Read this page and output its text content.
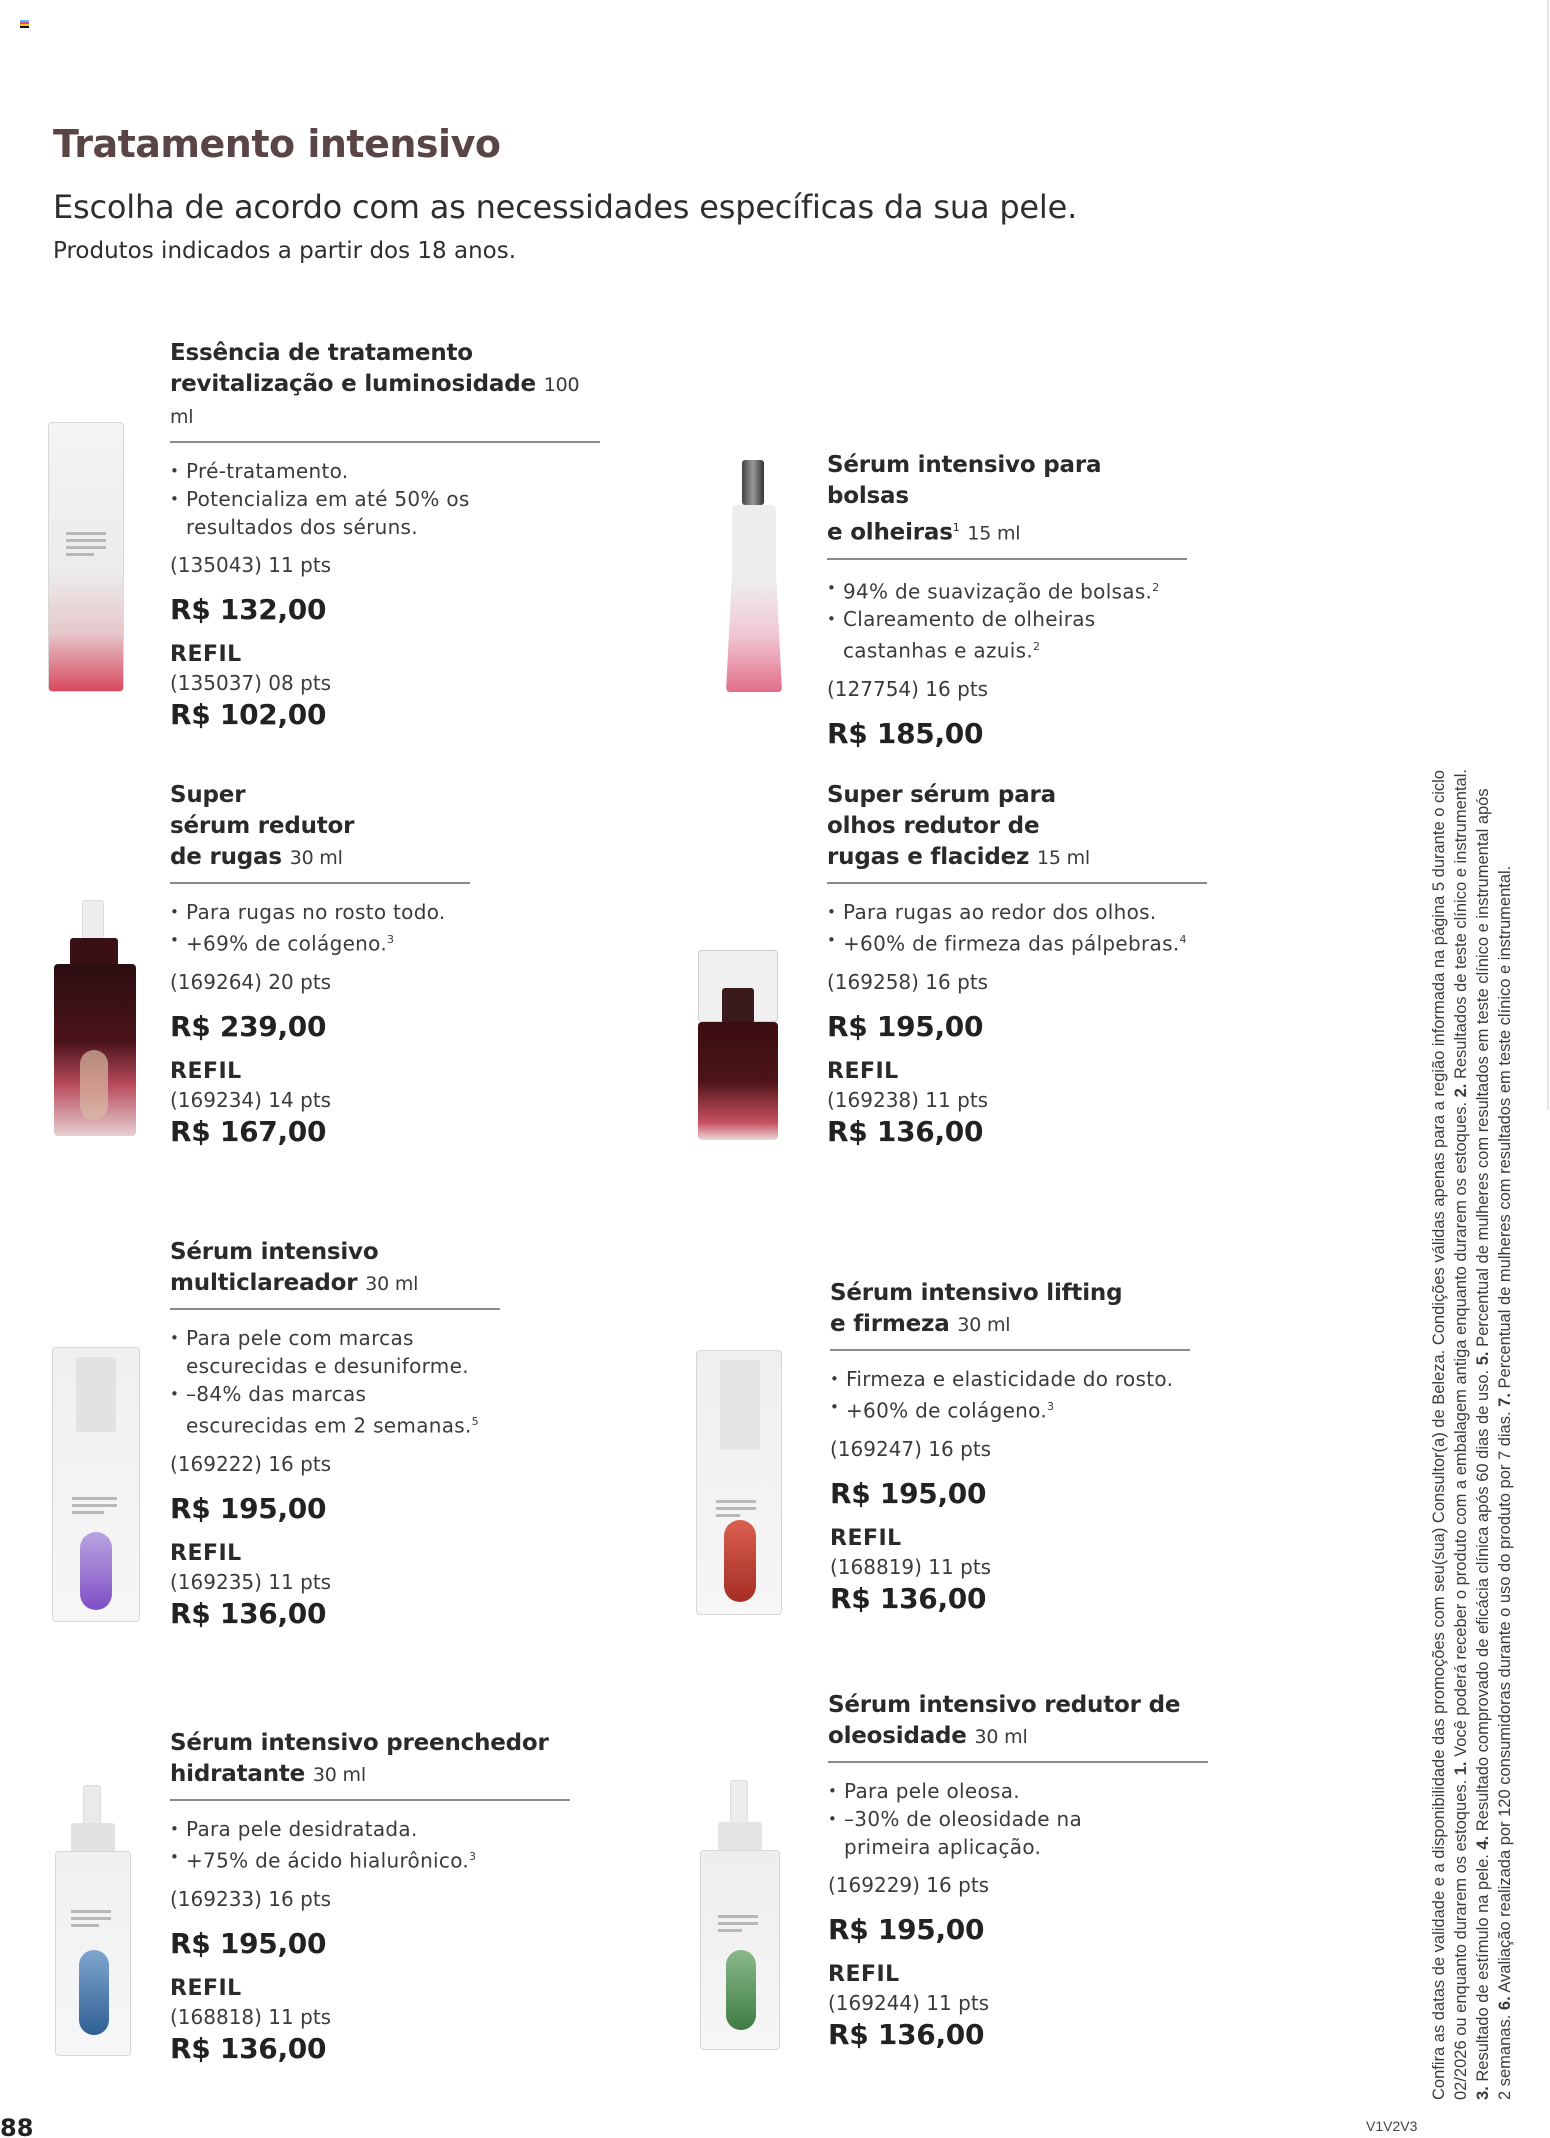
Tratamento intensivo

Escolha de acordo com as necessidades específicas da sua pele.

Produtos indicados a partir dos 18 anos.

Essência de tratamento
revitalização e luminosidade 100 ml
• Pré-tratamento.
• Potencializa em até 50% os resultados dos séruns.
(135043) 11 pts
R$ 132,00
REFIL
(135037) 08 pts
R$ 102,00
Sérum intensivo para bolsas
e olheiras$^1$ 15 ml
• 94% de suavização de bolsas.$^2$
• Clareamento de olheiras castanhas e azuis.$^2$
(127754) 16 pts
R$ 185,00
Super
sérum redutor
de rugas 30 ml
• Para rugas no rosto todo.
• +69% de colágeno.$^3$
(169264) 20 pts
R$ 239,00
REFIL
(169234) 14 pts
R$ 167,00
Super sérum para
olhos redutor de
rugas e flacidez 15 ml
• Para rugas ao redor dos olhos.
• +60% de firmeza das pálpebras.$^4$
(169258) 16 pts
R$ 195,00
REFIL
(169238) 11 pts
R$ 136,00
Sérum intensivo
multiclareador 30 ml
• Para pele com marcas escurecidas e desuniforme.
• –84% das marcas escurecidas em 2 semanas.$^5$
(169222) 16 pts
R$ 195,00
REFIL
(169235) 11 pts
R$ 136,00
Sérum intensivo lifting
e firmeza 30 ml
• Firmeza e elasticidade do rosto.
• +60% de colágeno.$^3$
(169247) 16 pts
R$ 195,00
REFIL
(168819) 11 pts
R$ 136,00
Sérum intensivo preenchedor
hidratante 30 ml
• Para pele desidratada.
• +75% de ácido hialurônico.$^3$
(169233) 16 pts
R$ 195,00
REFIL
(168818) 11 pts
R$ 136,00
Sérum intensivo redutor de
oleosidade 30 ml
• Para pele oleosa.
• –30% de oleosidade na primeira aplicação.
(169229) 16 pts
R$ 195,00
REFIL
(169244) 11 pts
R$ 136,00	Confira as datas de validade e a disponibilidade das promoções com seu(sua) Consultor(a) de Beleza. Condições válidas apenas para a região informada na página 5 durante o ciclo 02/2026 ou enquanto durarem os estoques. 1. Você poderá receber o produto com a embalagem antiga enquanto durarem os estoques. 2. Resultados de teste clínico e instrumental.

3. Resultado de estímulo na pele. 4. Resultado comprovado de eficácia clínica após 60 dias de uso. 5. Percentual de mulheres com resultados em teste clínico e instrumental após

2 semanas. 6. Avaliação realizada por 120 consumidoras durante o uso do produto por 7 dias. 7. Percentual de mulheres com resultados em teste clínico e instrumental.

88	V1V2V3
